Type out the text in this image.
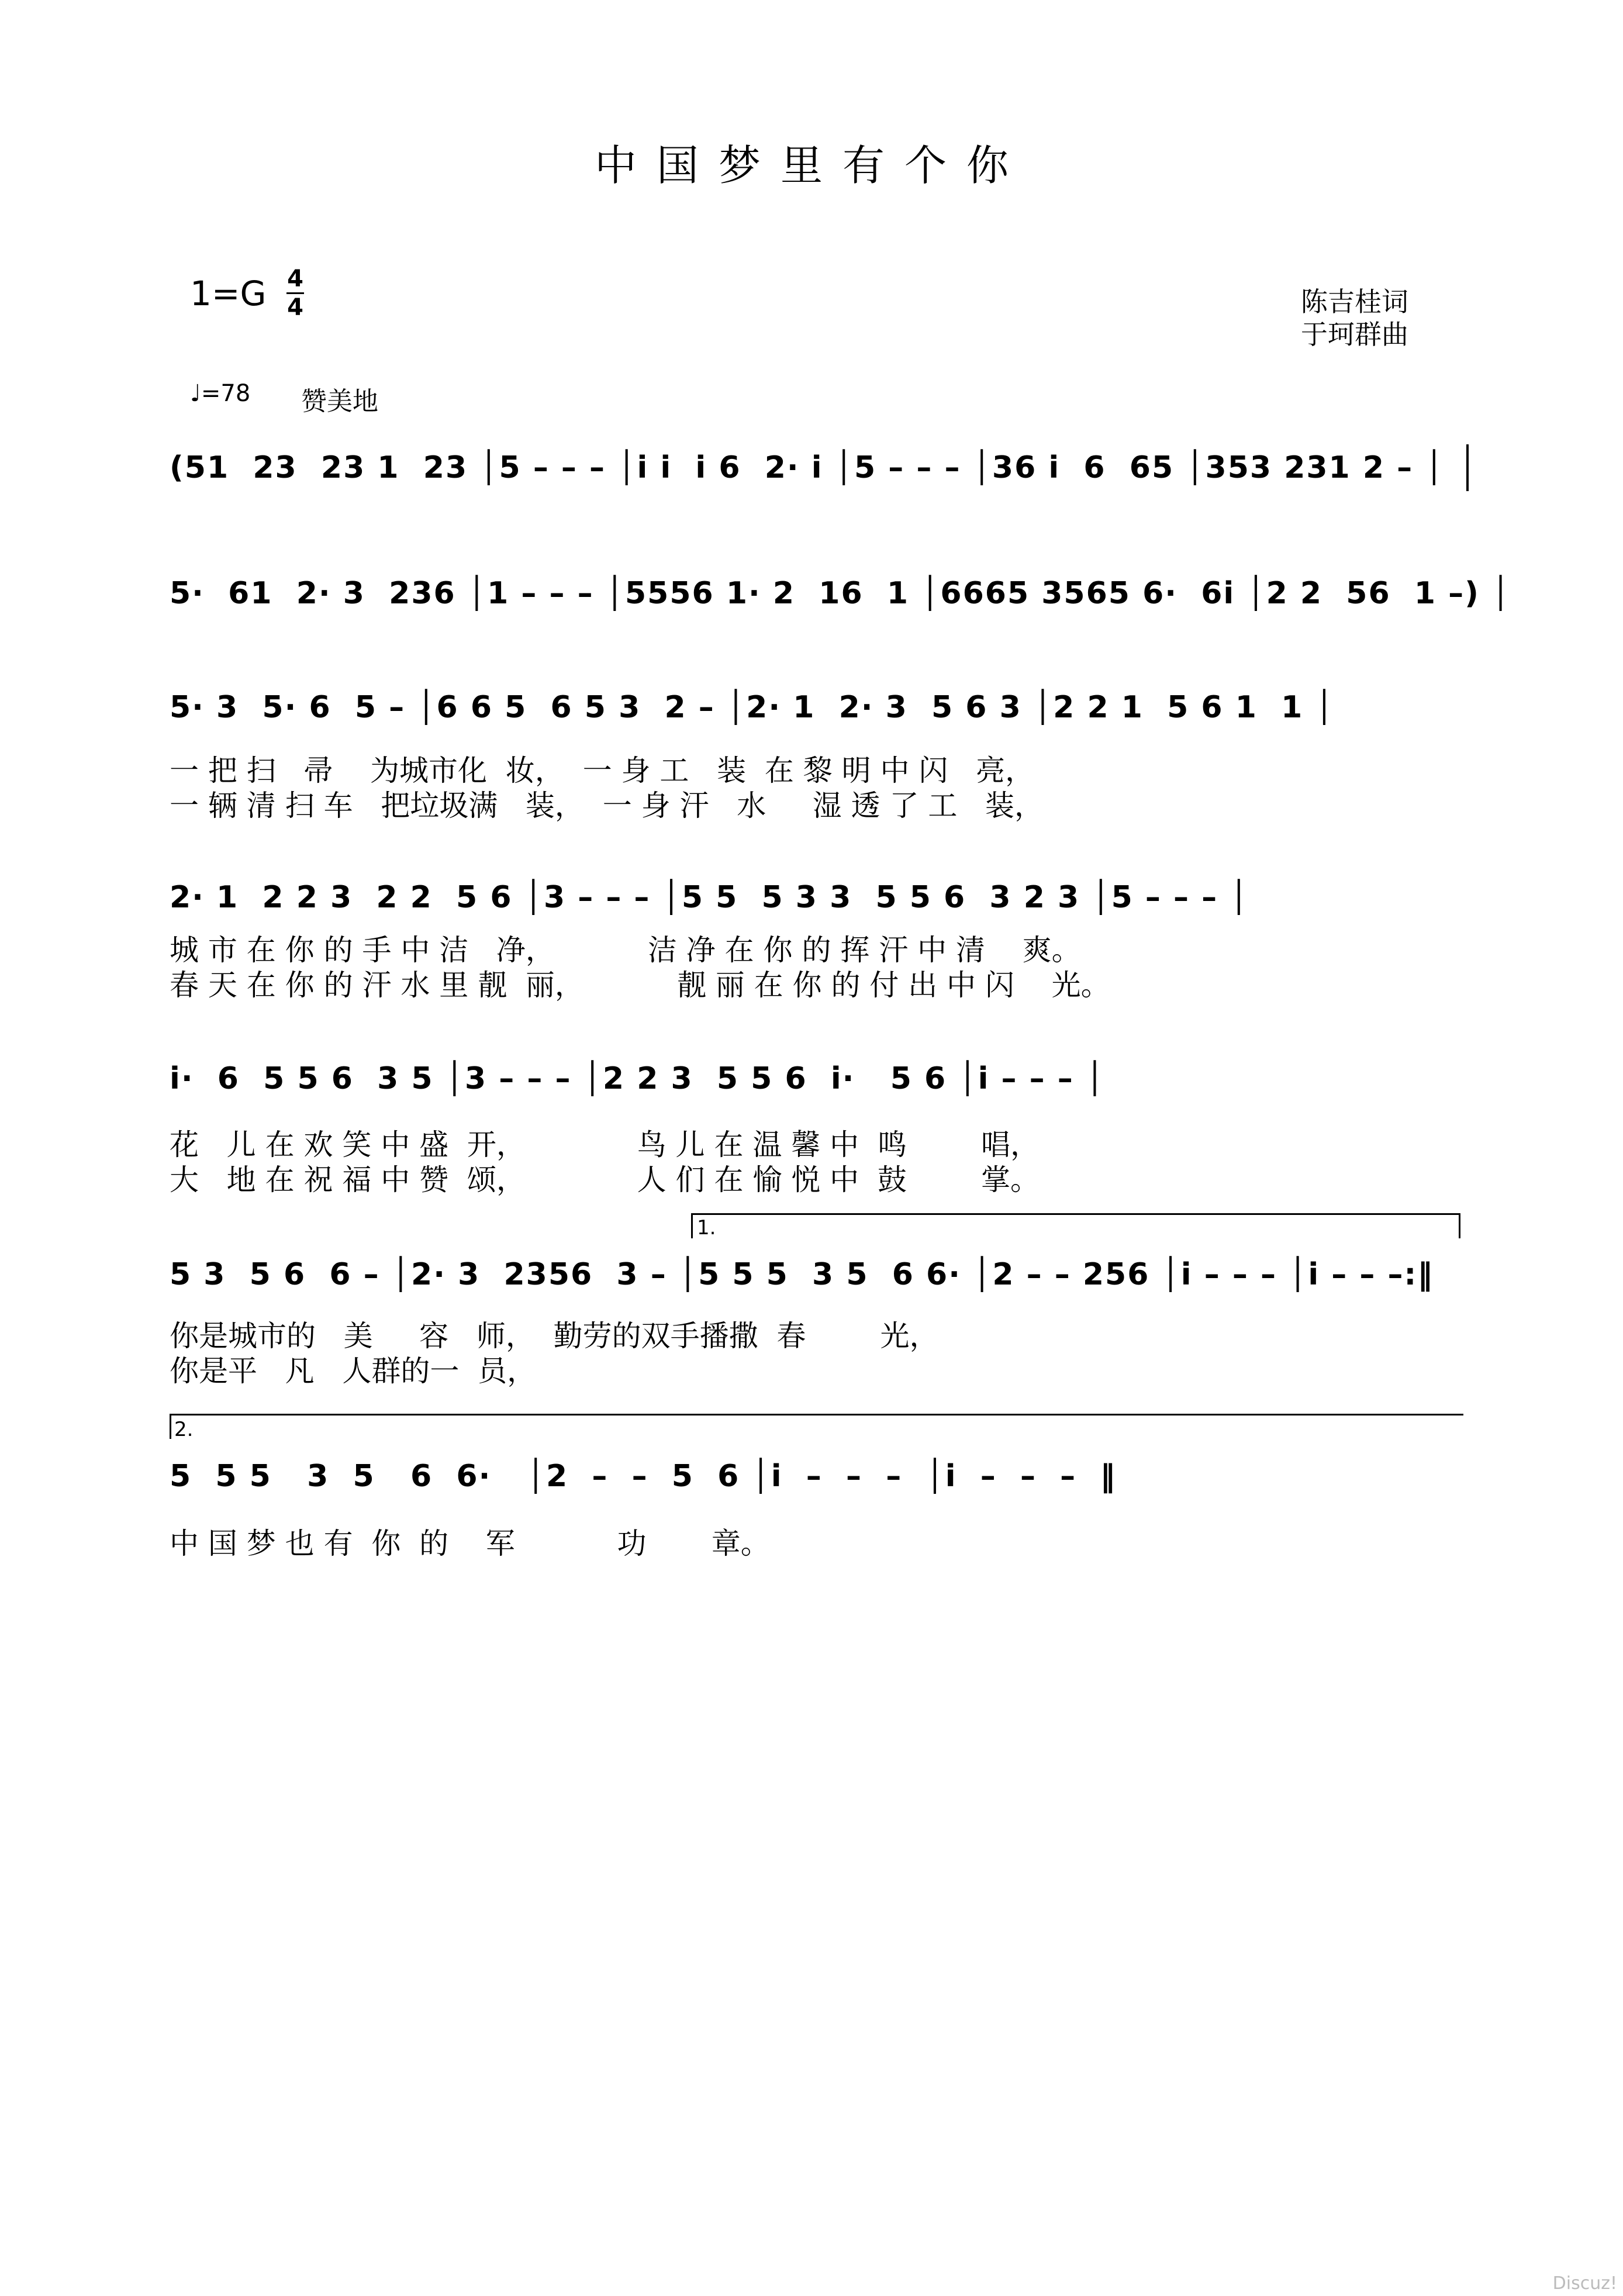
中国梦里有个你
1=G 4
4	陈吉桂词
于珂群曲
♩=78 赞美地
(51  23  23 1  23 │5 – – – │i i  i 6  2· i │5 – – – │36 i  6  65 │353 231 2 – │
5·  61  2· 3  236 │1 – – – │5556 1· 2  16  1 │6665 3565 6·  6i │2 2  56  1 –) │
5· 3  5· 6  5 – │6 6 5  6 5 3  2 – │2· 1  2· 3  5 6 3 │2 2 1  5 6 1  1 │
一 把 扫   帚    为城市化  妆，  一 身 工   装  在 黎 明 中 闪   亮，
一 辆 清 扫 车   把垃圾满   装，  一 身 汗   水     湿 透 了 工   装，
2· 1  2 2 3  2 2  5 6 │3 – – – │5 5  5 3 3  5 5 6  3 2 3 │5 – – – │
城 市 在 你 的 手 中 洁   净，          洁 净 在 你 的 挥 汗 中 清    爽。
春 天 在 你 的 汗 水 里 靓  丽，          靓 丽 在 你 的 付 出 中 闪    光。
i·  6  5 5 6  3 5 │3 – – – │2 2 3  5 5 6  i·   5 6 │i – – – │
花   儿 在 欢 笑 中 盛  开，            鸟 儿 在 温 馨 中  鸣        唱，
大   地 在 祝 福 中 赞  颂，            人 们 在 愉 悦 中  鼓        掌。
1.
5 3  5 6  6 – │2· 3  2356  3 – │5 5 5  3 5  6 6· │2 – – 256 │i – – – │i – – –:‖
你是城市的   美     容   师，  勤劳的双手播撒  春        光，
你是平   凡   人群的一  员，
2.
5  5 5   3  5   6  6·   │2  –  –  5  6 │i  –  –  –  │i  –  –  –  ‖
中 国 梦 也 有  你  的    军           功       章。
Discuz!
